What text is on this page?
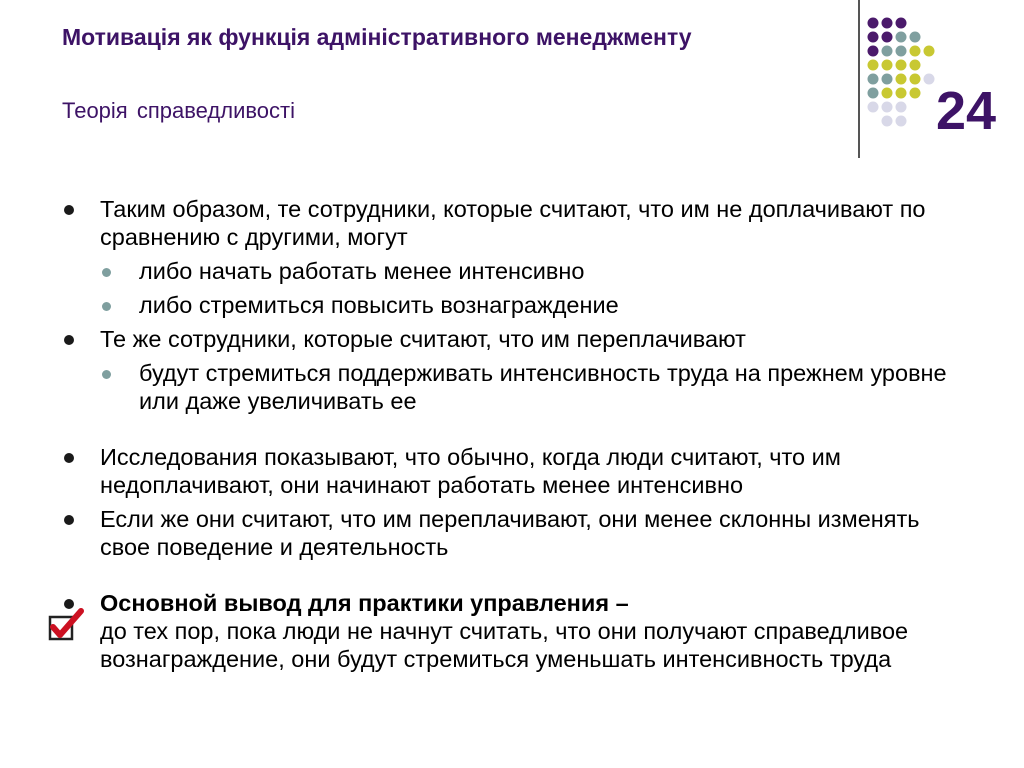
Мотивація як функція адміністративного менеджменту
Теорія справедливості	24
Таким образом, те сотрудники, которые считают, что им не доплачивают по сравнению с другими, могут
либо начать работать менее интенсивно
либо стремиться повысить вознаграждение
Те же сотрудники, которые считают, что им переплачивают
будут стремиться поддерживать интенсивность труда на прежнем уровне или даже увеличивать ее
Исследования показывают, что обычно, когда люди считают, что им недоплачивают, они начинают работать менее интенсивно
Если же они считают, что им переплачивают, они менее склонны изменять свое поведение и деятельность
Основной вывод для практики управления –
до тех пор, пока люди не начнут считать, что они получают справедливое вознаграждение, они будут стремиться уменьшать интенсивность труда
